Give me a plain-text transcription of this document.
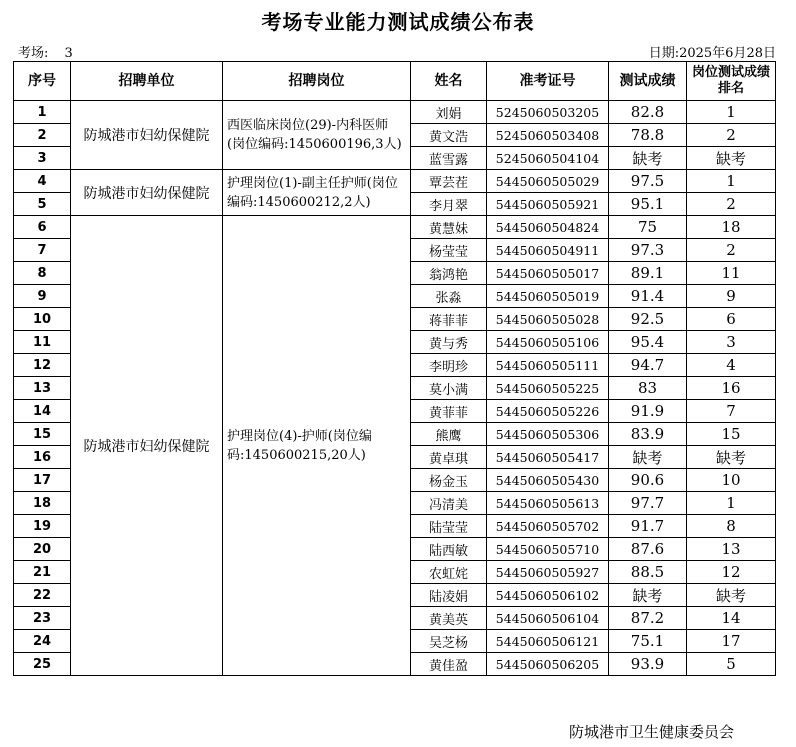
考场专业能力测试成绩公布表
考场: 3	日期:2025年6月28日
序号	招聘单位	招聘岗位	姓名	准考证号	测试成绩	岗位测试成绩排名
1	防城港市妇幼保健院	西医临床岗位(29)-内科医师(岗位编码:1450600196,3人)	刘娟	5245060503205	82.8	1
2			黄文浩	5245060503408	78.8	2
3			蓝雪露	5245060504104	缺考	缺考
4	防城港市妇幼保健院	护理岗位(1)-副主任护师(岗位编码:1450600212,2人)	覃芸茬	5445060505029	97.5	1
5			李月翠	5445060505921	95.1	2
6	防城港市妇幼保健院	护理岗位(4)-护师(岗位编码:1450600215,20人)	黄慧妹	5445060504824	75	18
7			杨莹莹	5445060504911	97.3	2
8			翁鸿艳	5445060505017	89.1	11
9			张淼	5445060505019	91.4	9
10			蒋菲菲	5445060505028	92.5	6
11			黄与秀	5445060505106	95.4	3
12			李明珍	5445060505111	94.7	4
13			莫小满	5445060505225	83	16
14			黄菲菲	5445060505226	91.9	7
15			熊鹰	5445060505306	83.9	15
16			黄卓琪	5445060505417	缺考	缺考
17			杨金玉	5445060505430	90.6	10
18			冯清美	5445060505613	97.7	1
19			陆莹莹	5445060505702	91.7	8
20			陆西敏	5445060505710	87.6	13
21			农虹姹	5445060505927	88.5	12
22			陆凌娟	5445060506102	缺考	缺考
23			黄美英	5445060506104	87.2	14
24			吴芝杨	5445060506121	75.1	17
25			黄佳盈	5445060506205	93.9	5
防城港市卫生健康委员会
